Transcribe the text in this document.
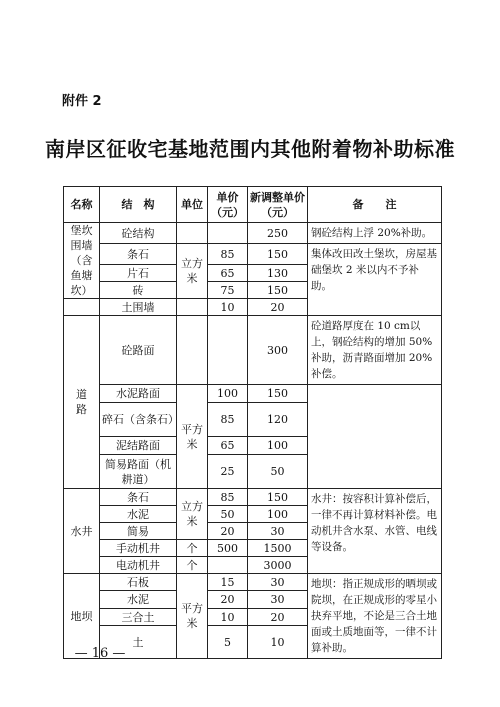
附件 2
南岸区征收宅基地范围内其他附着物补助标准
名称	结　构	单位	单价（元）	新调整单价（元）	备　　注
堡坎围墙（含鱼塘坎）	砼结构			250	钢砼结构上浮 20%补助。
	条石	立方米	85	150	集体改田改土堡坎，房屋基础堡坎 2 米以内不予补助。
	片石		65	130	
	砖		75	150	
	土围墙		10	20	
道　路	砼路面			300	砼道路厚度在 10 cm以上，钢砼结构的增加 50%补助，沥青路面增加 20%补偿。
	水泥路面	平方米	100	150	
	碎石（含条石）		85	120	
	泥结路面		65	100	
	简易路面（机耕道）		25	50	
水井	条石	立方米	85	150	水井：按容积计算补偿后，一律不再计算材料补偿。电动机井含水泵、水管、电线等设备。
	水泥		50	100	
	简易		20	30	
	手动机井	个	500	1500	
	电动机井	个		3000	
地坝	石板	平方米	15	30	地坝：指正规成形的晒坝或院坝，在正规成形的零星小抉弃平地，不论是三合土地面或土质地面等，一律不计算补助。
	水泥		20	30	
	三合土		10	20	
	土		5	10	
— 16 —
